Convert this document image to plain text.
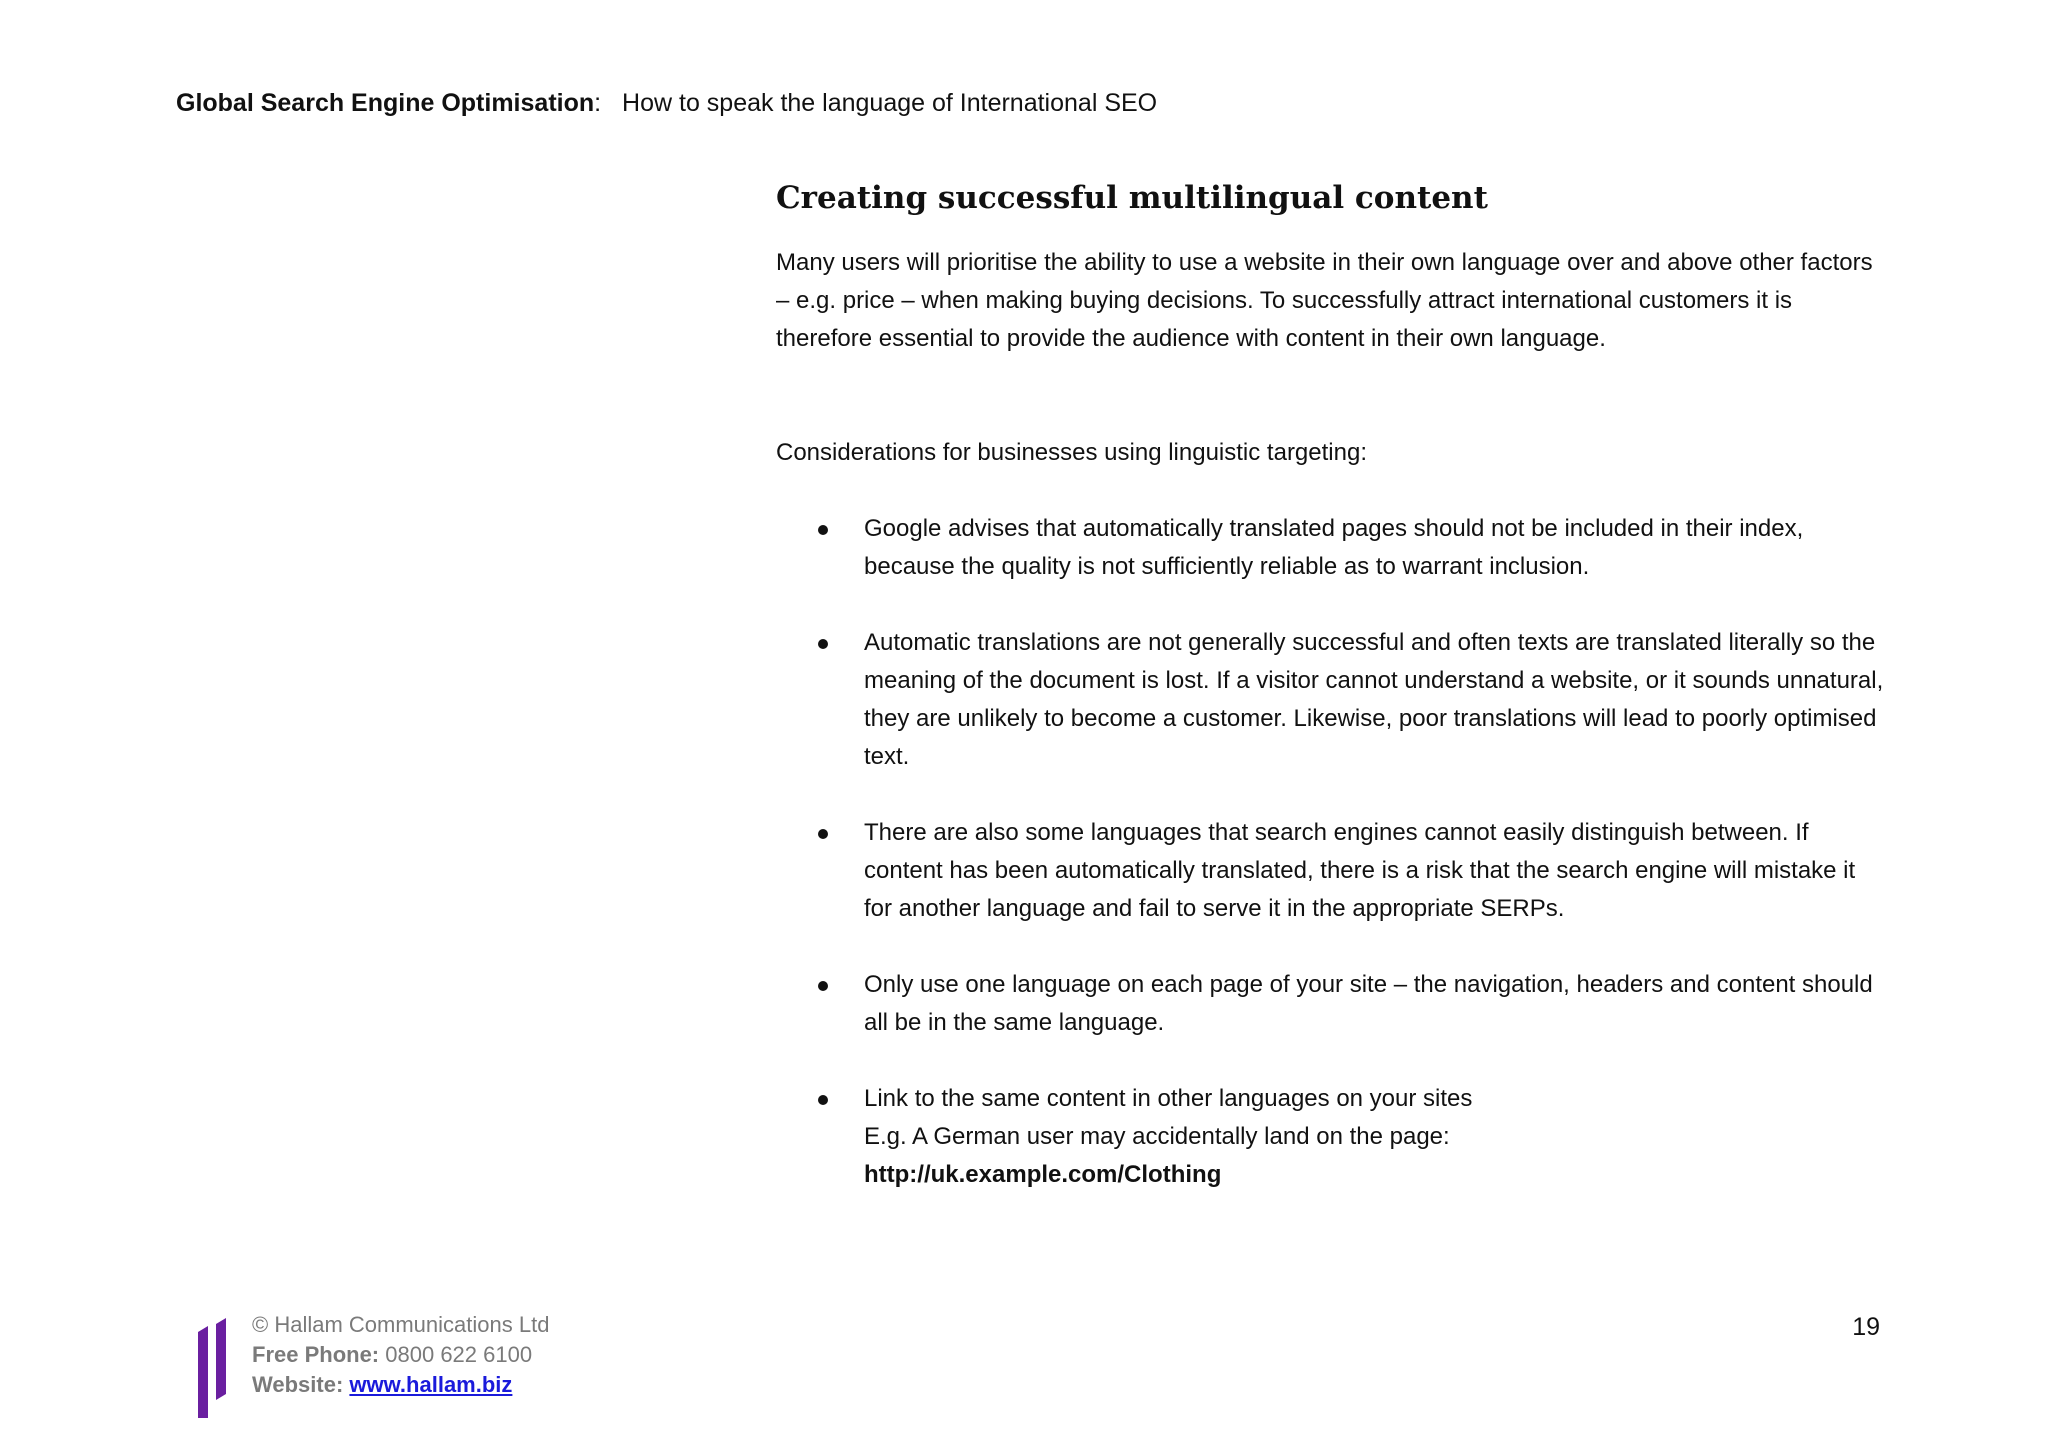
Global Search Engine Optimisation: How to speak the language of International SEO
Creating successful multilingual content

Many users will prioritise the ability to use a website in their own language over and above other factors – e.g. price – when making buying decisions. To successfully attract international customers it is therefore essential to provide the audience with content in their own language.

Considerations for businesses using linguistic targeting:

Google advises that automatically translated pages should not be included in their index, because the quality is not sufficiently reliable as to warrant inclusion.
Automatic translations are not generally successful and often texts are translated literally so the meaning of the document is lost. If a visitor cannot understand a website, or it sounds unnatural, they are unlikely to become a customer. Likewise, poor translations will lead to poorly optimised text.
There are also some languages that search engines cannot easily distinguish between. If content has been automatically translated, there is a risk that the search engine will mistake it for another language and fail to serve it in the appropriate SERPs.
Only use one language on each page of your site – the navigation, headers and content should all be in the same language.
Link to the same content in other languages on your sites
E.g. A German user may accidentally land on the page:
http://uk.example.com/Clothing
© Hallam Communications Ltd
Free Phone: 0800 622 6100
Website: www.hallam.biz
19
